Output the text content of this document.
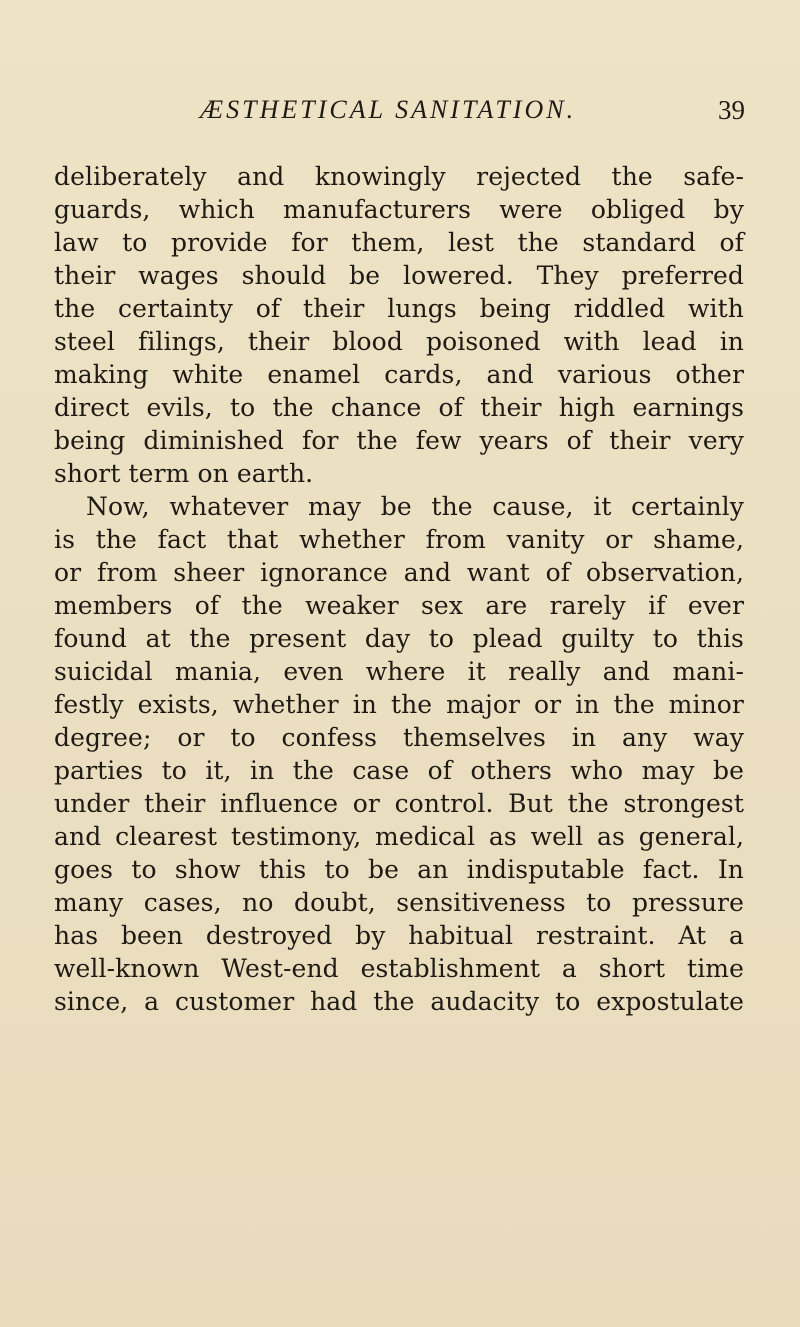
ÆSTHETICAL SANITATION.	39
deliberately and knowingly rejected the safe-
guards, which manufacturers were obliged by
law to provide for them, lest the standard of
their wages should be lowered. They preferred
the certainty of their lungs being riddled with
steel filings, their blood poisoned with lead in
making white enamel cards, and various other
direct evils, to the chance of their high earnings
being diminished for the few years of their very
short term on earth.
Now, whatever may be the cause, it certainly
is the fact that whether from vanity or shame,
or from sheer ignorance and want of observation,
members of the weaker sex are rarely if ever
found at the present day to plead guilty to this
suicidal mania, even where it really and mani-
festly exists, whether in the major or in the minor
degree; or to confess themselves in any way
parties to it, in the case of others who may be
under their influence or control. But the strongest
and clearest testimony, medical as well as general,
goes to show this to be an indisputable fact. In
many cases, no doubt, sensitiveness to pressure
has been destroyed by habitual restraint. At a
well-known West-end establishment a short time
since, a customer had the audacity to expostulate
